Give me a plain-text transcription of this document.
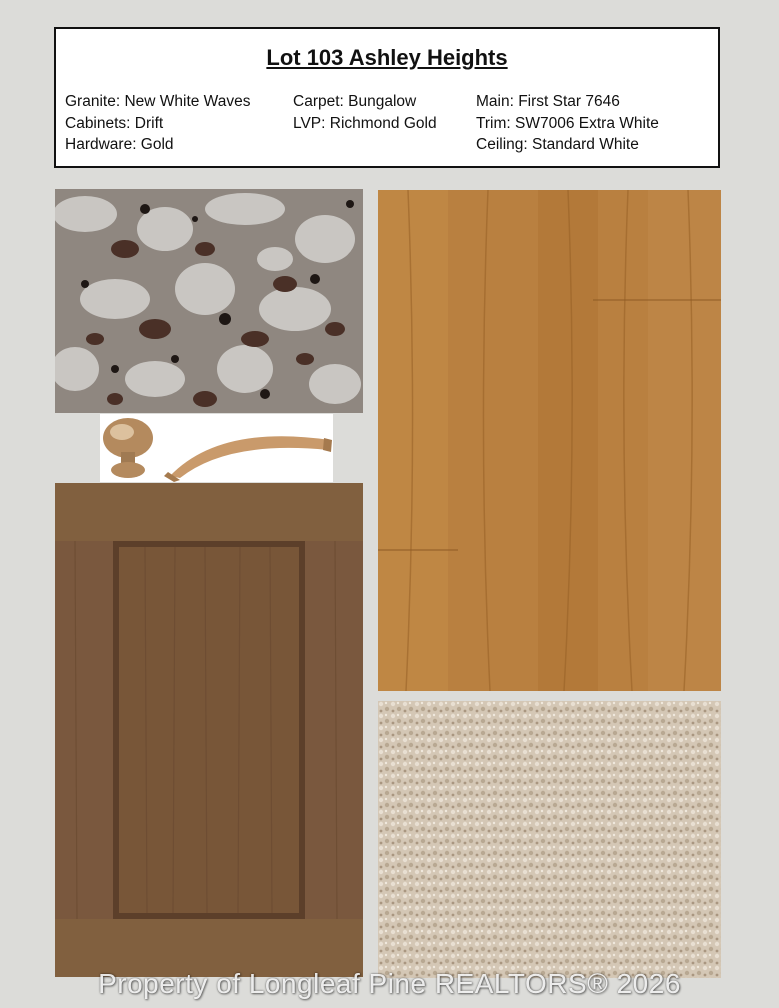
Lot 103 Ashley Heights
Granite: New White Waves
Cabinets: Drift
Hardware: Gold
Carpet: Bungalow
LVP: Richmond Gold
Main: First Star 7646
Trim: SW7006 Extra White
Ceiling: Standard White
Property of Longleaf Pine REALTORS® 2026
